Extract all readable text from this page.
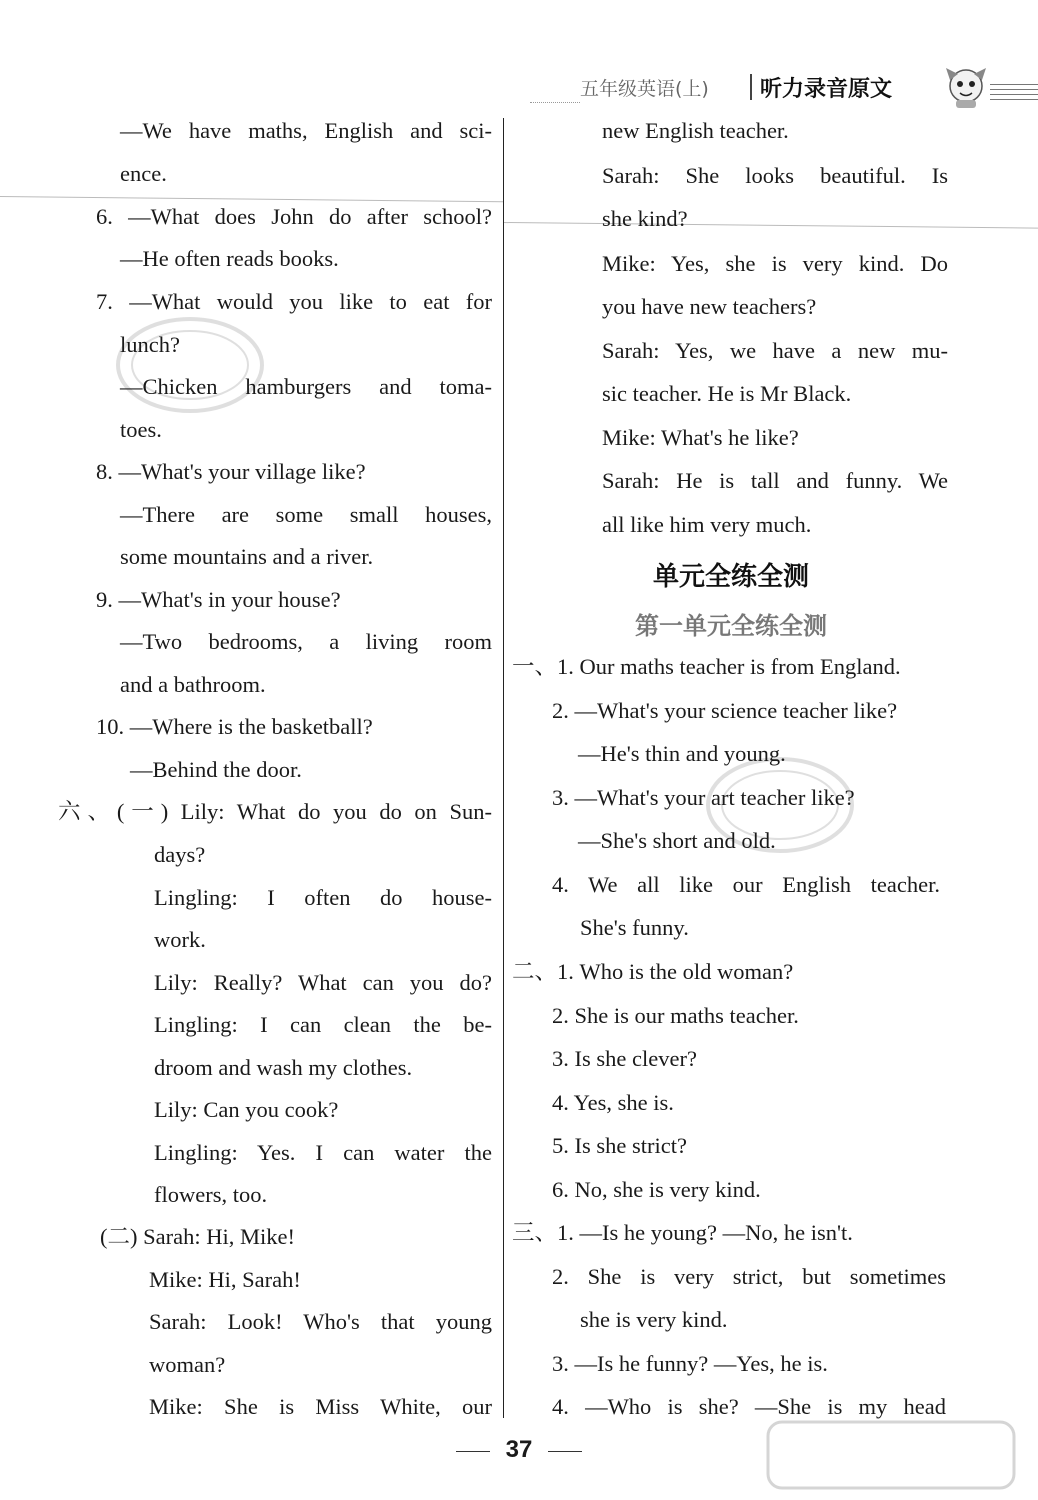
五年级英语(上) 听力录音原文
—We have maths, English and sci-
ence.
6. —What does John do after school?
—He often reads books.
7. —What would you like to eat for
lunch?
—Chicken hamburgers and toma-
toes.
8. —What's your village like?
—There are some small houses,
some mountains and a river.
9. —What's in your house?
—Two bedrooms, a living room
and a bathroom.
10. —Where is the basketball?
—Behind the door.
六、(一) Lily: What do you do on Sun-
days?
Lingling: I often do house-
work.
Lily: Really? What can you do?
Lingling: I can clean the be-
droom and wash my clothes.
Lily: Can you cook?
Lingling: Yes. I can water the
flowers, too.
(二) Sarah: Hi, Mike!
Mike: Hi, Sarah!
Sarah: Look! Who's that young
woman?
Mike: She is Miss White, our
new English teacher.
Sarah: She looks beautiful. Is
she kind?
Mike: Yes, she is very kind. Do
you have new teachers?
Sarah: Yes, we have a new mu-
sic teacher. He is Mr Black.
Mike: What's he like?
Sarah: He is tall and funny. We
all like him very much.
一、1. Our maths teacher is from England.
2. —What's your science teacher like?
—He's thin and young.
3. —What's your art teacher like?
—She's short and old.
4. We all like our English teacher.
She's funny.
二、1. Who is the old woman?
2. She is our maths teacher.
3. Is she clever?
4. Yes, she is.
5. Is she strict?
6. No, she is very kind.
三、1. —Is he young? —No, he isn't.
2. She is very strict, but sometimes
she is very kind.
3. —Is he funny? —Yes, he is.
4. —Who is she? —She is my head
单元全练全测
第一单元全练全测
37
